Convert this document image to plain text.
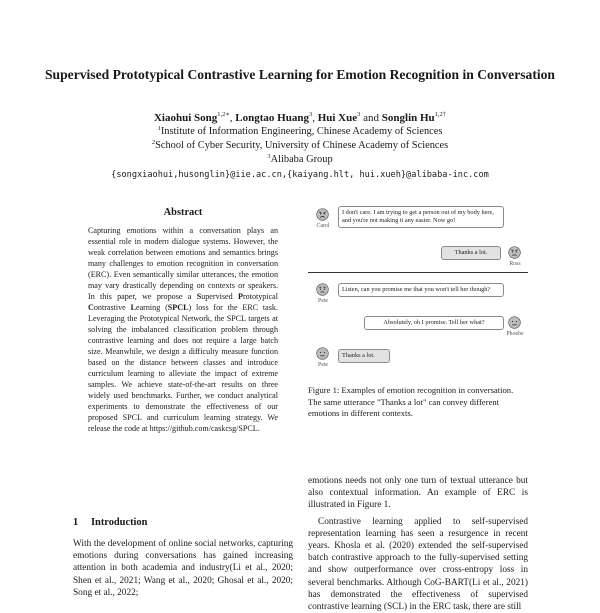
Supervised Prototypical Contrastive Learning for Emotion Recognition in Conversation
Xiaohui Song$^{1,2∗}$, Longtao Huang$^3$, Hui Xue$^3$ and Songlin $Hu^{1,2\dagger}$
$^1$Institute of Information Engineering, Chinese Academy of Sciences
$^2$School of Cyber Security, University of Chinese Academy of Sciences
$^3$Alibaba Group
{songxiaohui,husonglin}@iie.ac.cn,{kaiyang.hlt, hui.xueh}@alibaba-inc.com
Abstract

Capturing emotions within a conversation plays an essential role in modern dialogue systems. However, the weak correlation between emotions and semantics brings many challenges to emotion recognition in conversation (ERC). Even semantically similar utterances, the emotion may vary drastically depending on contexts or speakers. In this paper, we propose a Supervised Prototypical Contrastive Learning (SPCL) loss for the ERC task. Leveraging the Prototypical Network, the SPCL targets at solving the imbalanced classification problem through contrastive learning and does not require a large batch size. Meanwhile, we design a difficulty measure function based on the distance between classes and introduce curriculum learning to alleviate the impact of extreme samples. We achieve state-of-the-art results on three widely used benchmarks. Further, we conduct analytical experiments to demonstrate the effectiveness of our proposed SPCL and curriculum learning strategy. We release the code at https://github.com/caskcsg/SPCL.

1 Introduction
With the development of online social networks, capturing emotions during conversations has gained increasing attention in both academia and industry(Li et al., 2020; Shen et al., 2021; Wang et al., 2020; Ghosal et al., 2020; Song et al., 2022;
Carol
I don't care. I am trying to get a person out of my body here, and you're not making it any easier. Now go!
Thanks a lot.
Ross
Pete
Listen, can you promise me that you won't tell her though?
Absolutely, oh I promise. Tell her what?
Phoebe
Pete
Thanks a lot.
Figure 1: Examples of emotion recognition in conversation. The same utterance "Thanks a lot" can convey different emotions in different contexts.

emotions needs not only one turn of textual utterance but also contextual information. An example of ERC is illustrated in Figure 1.

Contrastive learning applied to self-supervised representation learning has seen a resurgence in recent years. Khosla et al. (2020) extended the self-supervised batch contrastive approach to the fully-supervised setting and show outperformance over cross-entropy loss in several benchmarks. Although CoG-BART(Li et al., 2021) has demonstrated the effectiveness of supervised contrastive learning (SCL) in the ERC task, there are still
